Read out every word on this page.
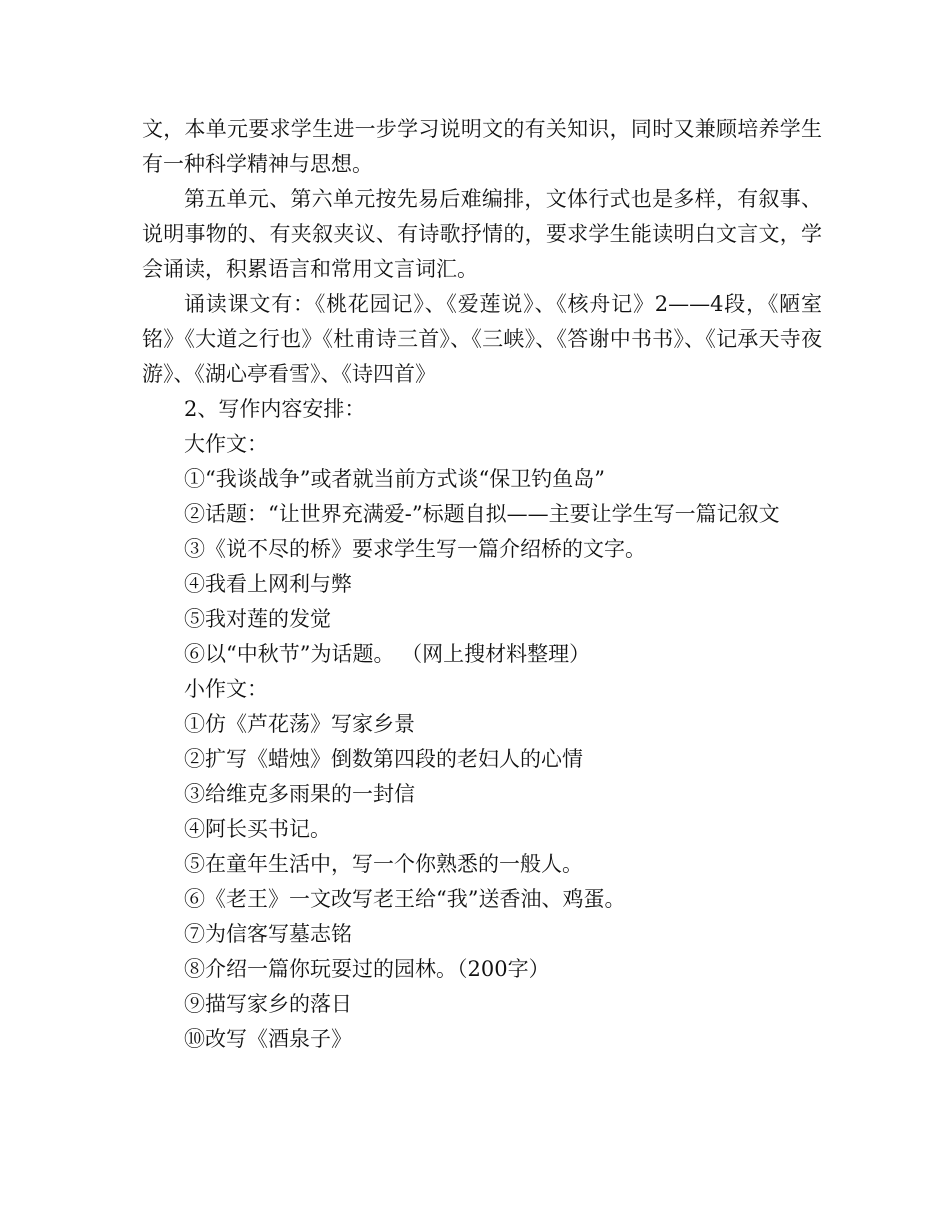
文，本单元要求学生进一步学习说明文的有关知识，同时又兼顾培养学生有一种科学精神与思想。

第五单元、第六单元按先易后难编排，文体行式也是多样，有叙事、说明事物的、有夹叙夹议、有诗歌抒情的，要求学生能读明白文言文，学会诵读，积累语言和常用文言词汇。

诵读课文有：《桃花园记》、《爱莲说》、《核舟记》2——4段，《陋室铭》《大道之行也》《杜甫诗三首》、《三峡》、《答谢中书书》、《记承天寺夜游》、《湖心亭看雪》、《诗四首》

2、写作内容安排：

大作文：

①“我谈战争”或者就当前方式谈“保卫钓鱼岛”

②话题：“让世界充满爱-”标题自拟——主要让学生写一篇记叙文

③《说不尽的桥》要求学生写一篇介绍桥的文字。

④我看上网利与弊

⑤我对莲的发觉

⑥以“中秋节”为话题。 （网上搜材料整理）

小作文：

①仿《芦花荡》写家乡景

②扩写《蜡烛》倒数第四段的老妇人的心情

③给维克多雨果的一封信

④阿长买书记。

⑤在童年生活中，写一个你熟悉的一般人。

⑥《老王》一文改写老王给“我”送香油、鸡蛋。

⑦为信客写墓志铭

⑧介绍一篇你玩耍过的园林。（200字）

⑨描写家乡的落日

⑩改写《酒泉子》
